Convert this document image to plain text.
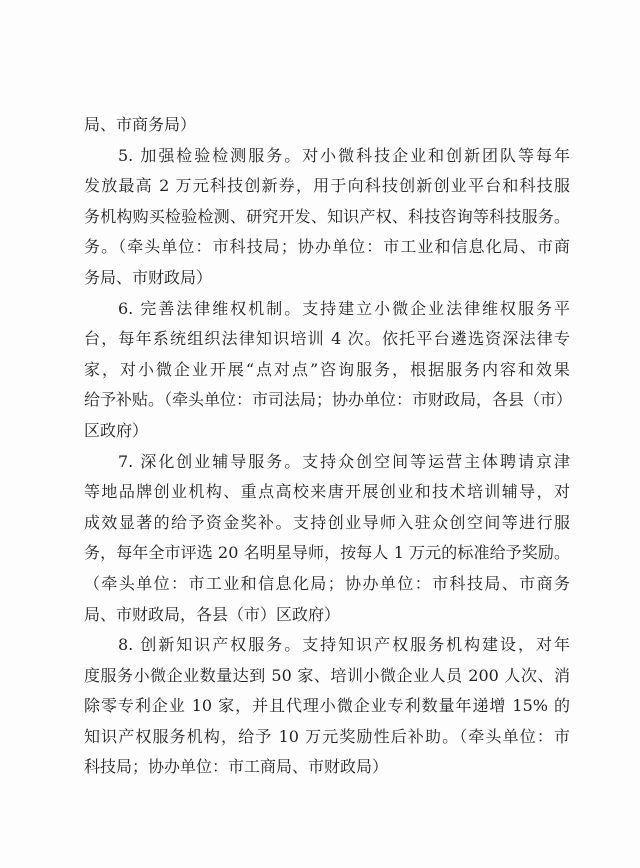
局、市商务局）
5. 加强检验检测服务。对小微科技企业和创新团队等每年
发放最高 2 万元科技创新券，用于向科技创新创业平台和科技服
务机构购买检验检测、研究开发、知识产权、科技咨询等科技服务。
务。（牵头单位：市科技局；协办单位：市工业和信息化局、市商
务局、市财政局）
6. 完善法律维权机制。支持建立小微企业法律维权服务平
台，每年系统组织法律知识培训 4 次。依托平台遴选资深法律专
家，对小微企业开展“点对点”咨询服务，根据服务内容和效果
给予补贴。（牵头单位：市司法局；协办单位：市财政局，各县（市）
区政府）
7. 深化创业辅导服务。支持众创空间等运营主体聘请京津
等地品牌创业机构、重点高校来唐开展创业和技术培训辅导，对
成效显著的给予资金奖补。支持创业导师入驻众创空间等进行服
务，每年全市评选 20 名明星导师，按每人 1 万元的标准给予奖励。
（牵头单位：市工业和信息化局；协办单位：市科技局、市商务
局、市财政局，各县（市）区政府）
8. 创新知识产权服务。支持知识产权服务机构建设，对年
度服务小微企业数量达到 50 家、培训小微企业人员 200 人次、消
除零专利企业 10 家，并且代理小微企业专利数量年递增 15% 的
知识产权服务机构，给予 10 万元奖励性后补助。（牵头单位：市
科技局；协办单位：市工商局、市财政局）
